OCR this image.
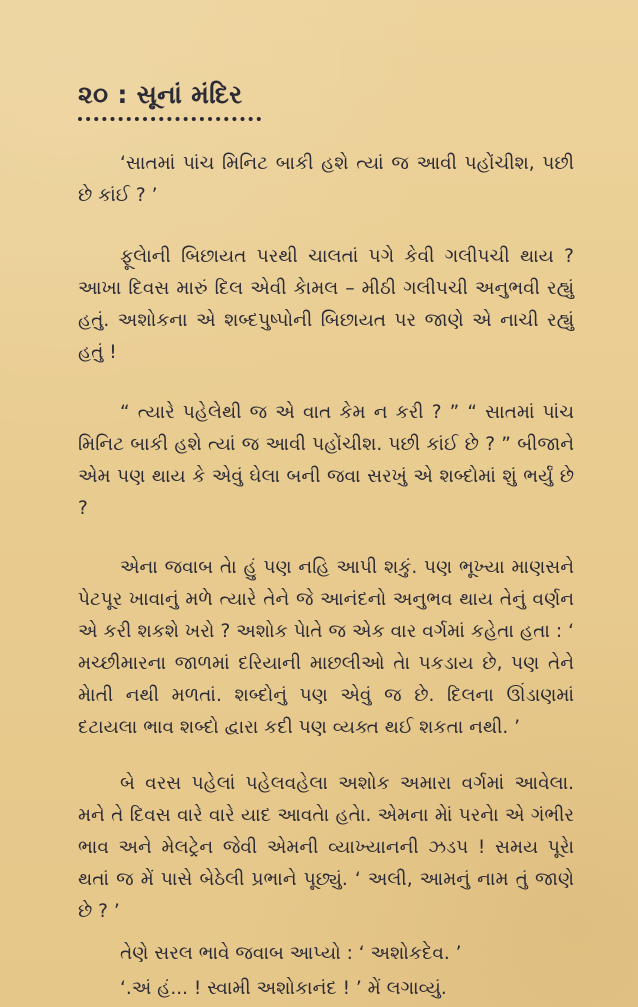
૨૦ : સૂનાં મંદિર

‘સાતમાં પાંચ મિનિટ બાકી હશે ત્યાં જ આવી પહોંચીશ, પછી છે કાંઈ ? ’

ફૂલેાની બિછાયત પરથી ચાલતાં પગે કેવી ગલીપચી થાય ? આખા દિવસ મારું દિલ એવી કેામલ – મીઠી ગલીપચી અનુભવી રહ્યું હતું. અશોકના એ શબ્દપુષ્પોની બિછાયત પર જાણે એ નાચી રહ્યું હતું !

“ ત્યારે પહેલેથી જ એ વાત કેમ ન કરી ? ” “ સાતમાં પાંચ મિનિટ બાકી હશે ત્યાં જ આવી પહોંચીશ. પછી કાંઈ છે ? ” બીજાને એમ પણ થાય કે એવું ઘેલા બની જવા સરખું એ શબ્દોમાં શું ભર્યું છે ?

એના જવાબ તેા હું પણ નહિ આપી શકું. પણ ભૂખ્યા માણસને પેટપૂર ખાવાનું મળે ત્યારે તેને જે આનંદનો અનુભવ થાય તેનું વર્ણન એ કરી શકશે ખરો ? અશોક પેાતે જ એક વાર વર્ગમાં કહેતા હતા : ‘ મચ્છીમારના જાળમાં દરિયાની માછલીઓ તેા પકડાય છે, પણ તેને મેાતી નથી મળતાં. શબ્દોનું પણ એવું જ છે. દિલના ઊંડાણમાં દટાયલા ભાવ શબ્દો દ્વારા કદી પણ વ્યક્ત થઈ શકતા નથી. ’

બે વરસ પહેલાં પહેલવહેલા અશોક અમારા વર્ગમાં આવેલા. મને તે દિવસ વારે વારે યાદ આવતેા હતેા. એમના મેાં પરનેા એ ગંભીર ભાવ અને મેલટ્રેન જેવી એમની વ્યાખ્યાનની ઝડપ ! સમય પૂરેા થતાં જ મેં પાસે બેઠેલી પ્રભાને પૂછ્યું. ‘ અલી, આમનું નામ તું જાણે છે ? ’

તેણે સરલ ભાવે જવાબ આપ્યો : ‘ અશોકદેવ. ’

‘.અં હં... ! સ્વામી અશોકાનંદ ! ’ મેં લગાવ્યું.
